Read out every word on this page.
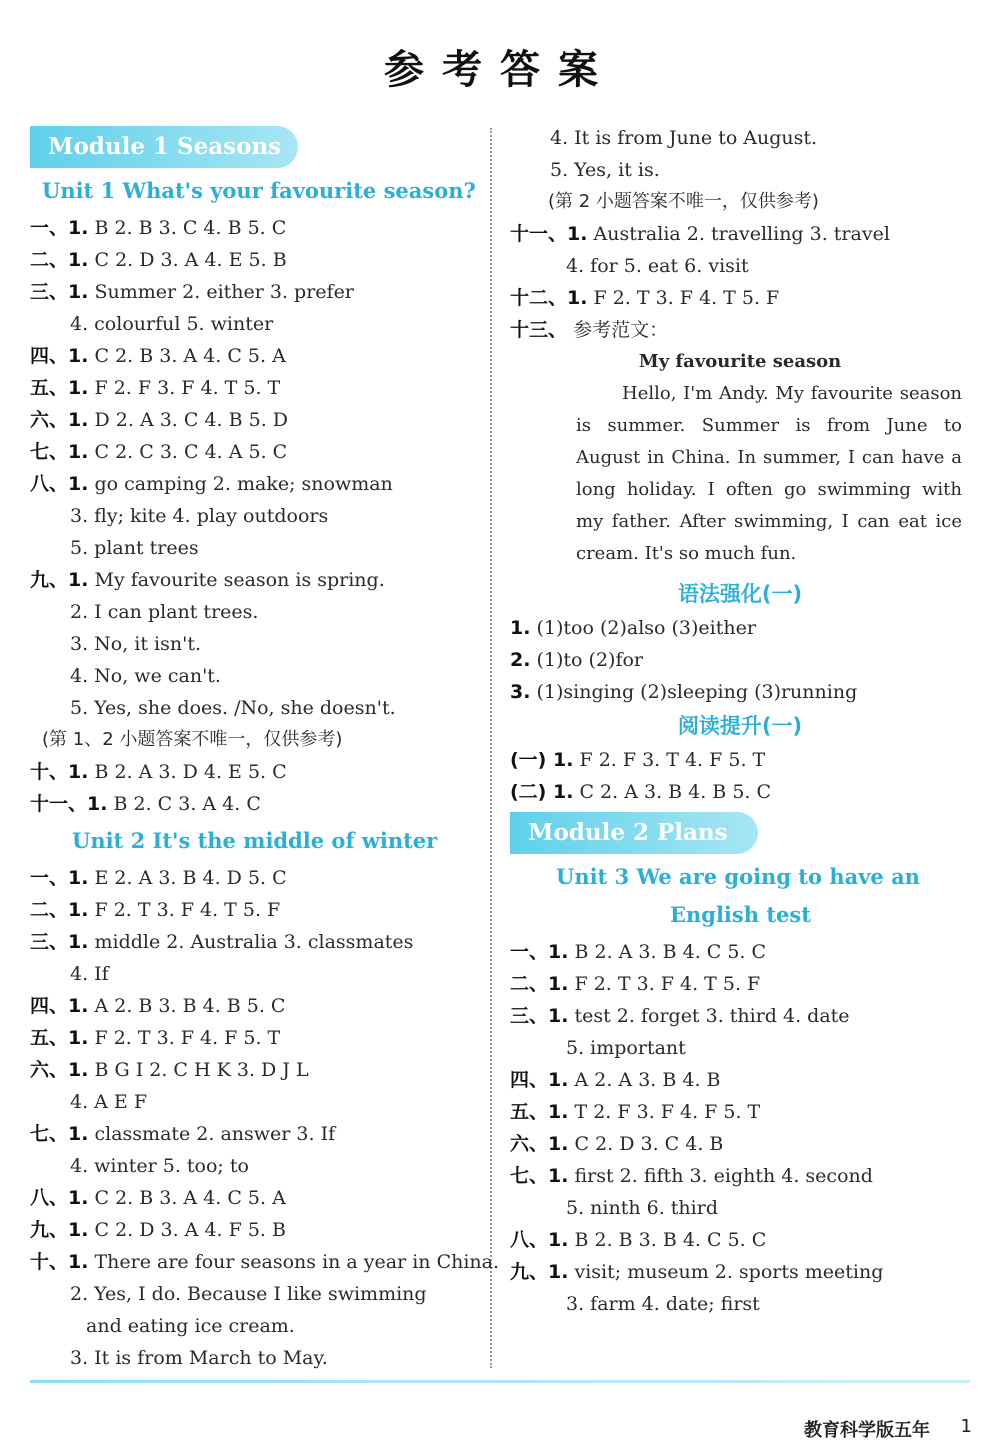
参考答案
Module 1 Seasons
Unit 1 What's your favourite season?
一、1. B 2. B 3. C 4. B 5. C
二、1. C 2. D 3. A 4. E 5. B
三、1. Summer 2. either 3. prefer
4. colourful 5. winter
四、1. C 2. B 3. A 4. C 5. A
五、1. F 2. F 3. F 4. T 5. T
六、1. D 2. A 3. C 4. B 5. D
七、1. C 2. C 3. C 4. A 5. C
八、1. go camping 2. make; snowman
3. fly; kite 4. play outdoors
5. plant trees
九、1. My favourite season is spring.
2. I can plant trees.
3. No, it isn't.
4. No, we can't.
5. Yes, she does. /No, she doesn't.
(第 1、2 小题答案不唯一，仅供参考)
十、1. B 2. A 3. D 4. E 5. C
十一、1. B 2. C 3. A 4. C
Unit 2 It's the middle of winter
一、1. E 2. A 3. B 4. D 5. C
二、1. F 2. T 3. F 4. T 5. F
三、1. middle 2. Australia 3. classmates
4. If
四、1. A 2. B 3. B 4. B 5. C
五、1. F 2. T 3. F 4. F 5. T
六、1. B G I 2. C H K 3. D J L
4. A E F
七、1. classmate 2. answer 3. If
4. winter 5. too; to
八、1. C 2. B 3. A 4. C 5. A
九、1. C 2. D 3. A 4. F 5. B
十、1. There are four seasons in a year in China.
2. Yes, I do. Because I like swimming
and eating ice cream.
3. It is from March to May.
4. It is from June to August.
5. Yes, it is.
(第 2 小题答案不唯一，仅供参考)
十一、1. Australia 2. travelling 3. travel
4. for 5. eat 6. visit
十二、1. F 2. T 3. F 4. T 5. F
十三、 参考范文：
My favourite season

Hello, I'm Andy. My favourite season is summer. Summer is from June to August in China. In summer, I can have a long holiday. I often go swimming with my father. After swimming, I can eat ice cream. It's so much fun.

语法强化(一)
1. (1)too (2)also (3)either
2. (1)to (2)for
3. (1)singing (2)sleeping (3)running
阅读提升(一)
(一) 1. F 2. F 3. T 4. F 5. T
(二) 1. C 2. A 3. B 4. B 5. C
Module 2 Plans
Unit 3 We are going to have an
English test
一、1. B 2. A 3. B 4. C 5. C
二、1. F 2. T 3. F 4. T 5. F
三、1. test 2. forget 3. third 4. date
5. important
四、1. A 2. A 3. B 4. B
五、1. T 2. F 3. F 4. F 5. T
六、1. C 2. D 3. C 4. B
七、1. first 2. fifth 3. eighth 4. second
5. ninth 6. third
八、1. B 2. B 3. B 4. C 5. C
九、1. visit; museum 2. sports meeting
3. farm 4. date; first
教育科学版五年 1
